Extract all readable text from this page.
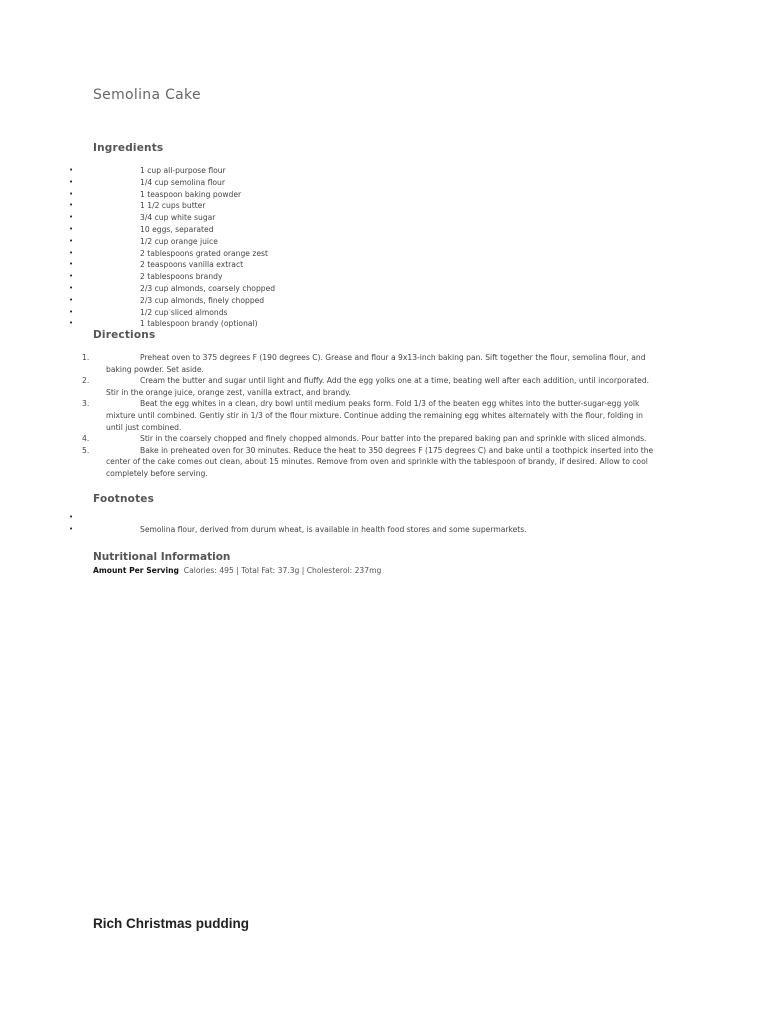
Semolina Cake
Ingredients
•	1 cup all-purpose flour
•	1/4 cup semolina flour
•	1 teaspoon baking powder
•	1 1/2 cups butter
•	3/4 cup white sugar
•	10 eggs, separated
•	1/2 cup orange juice
•	2 tablespoons grated orange zest
•	2 teaspoons vanilla extract
•	2 tablespoons brandy
•	2/3 cup almonds, coarsely chopped
•	2/3 cup almonds, finely chopped
•	1/2 cup sliced almonds
•	1 tablespoon brandy (optional)
Directions
1.	Preheat oven to 375 degrees F (190 degrees C). Grease and flour a 9x13-inch baking pan. Sift together the flour, semolina flour, and baking powder. Set aside.
2.	Cream the butter and sugar until light and fluffy. Add the egg yolks one at a time, beating well after each addition, until incorporated. Stir in the orange juice, orange zest, vanilla extract, and brandy.
3.	Beat the egg whites in a clean, dry bowl until medium peaks form. Fold 1/3 of the beaten egg whites into the butter-sugar-egg yolk mixture until combined. Gently stir in 1/3 of the flour mixture. Continue adding the remaining egg whites alternately with the flour, folding in until just combined.
4.	Stir in the coarsely chopped and finely chopped almonds. Pour batter into the prepared baking pan and sprinkle with sliced almonds.
5.	Bake in preheated oven for 30 minutes. Reduce the heat to 350 degrees F (175 degrees C) and bake until a toothpick inserted into the center of the cake comes out clean, about 15 minutes. Remove from oven and sprinkle with the tablespoon of brandy, if desired. Allow to cool completely before serving.
Footnotes
•
•	Semolina flour, derived from durum wheat, is available in health food stores and some supermarkets.
Nutritional Information
Amount Per Serving Calories: 495 | Total Fat: 37.3g | Cholesterol: 237mg
Rich Christmas pudding
